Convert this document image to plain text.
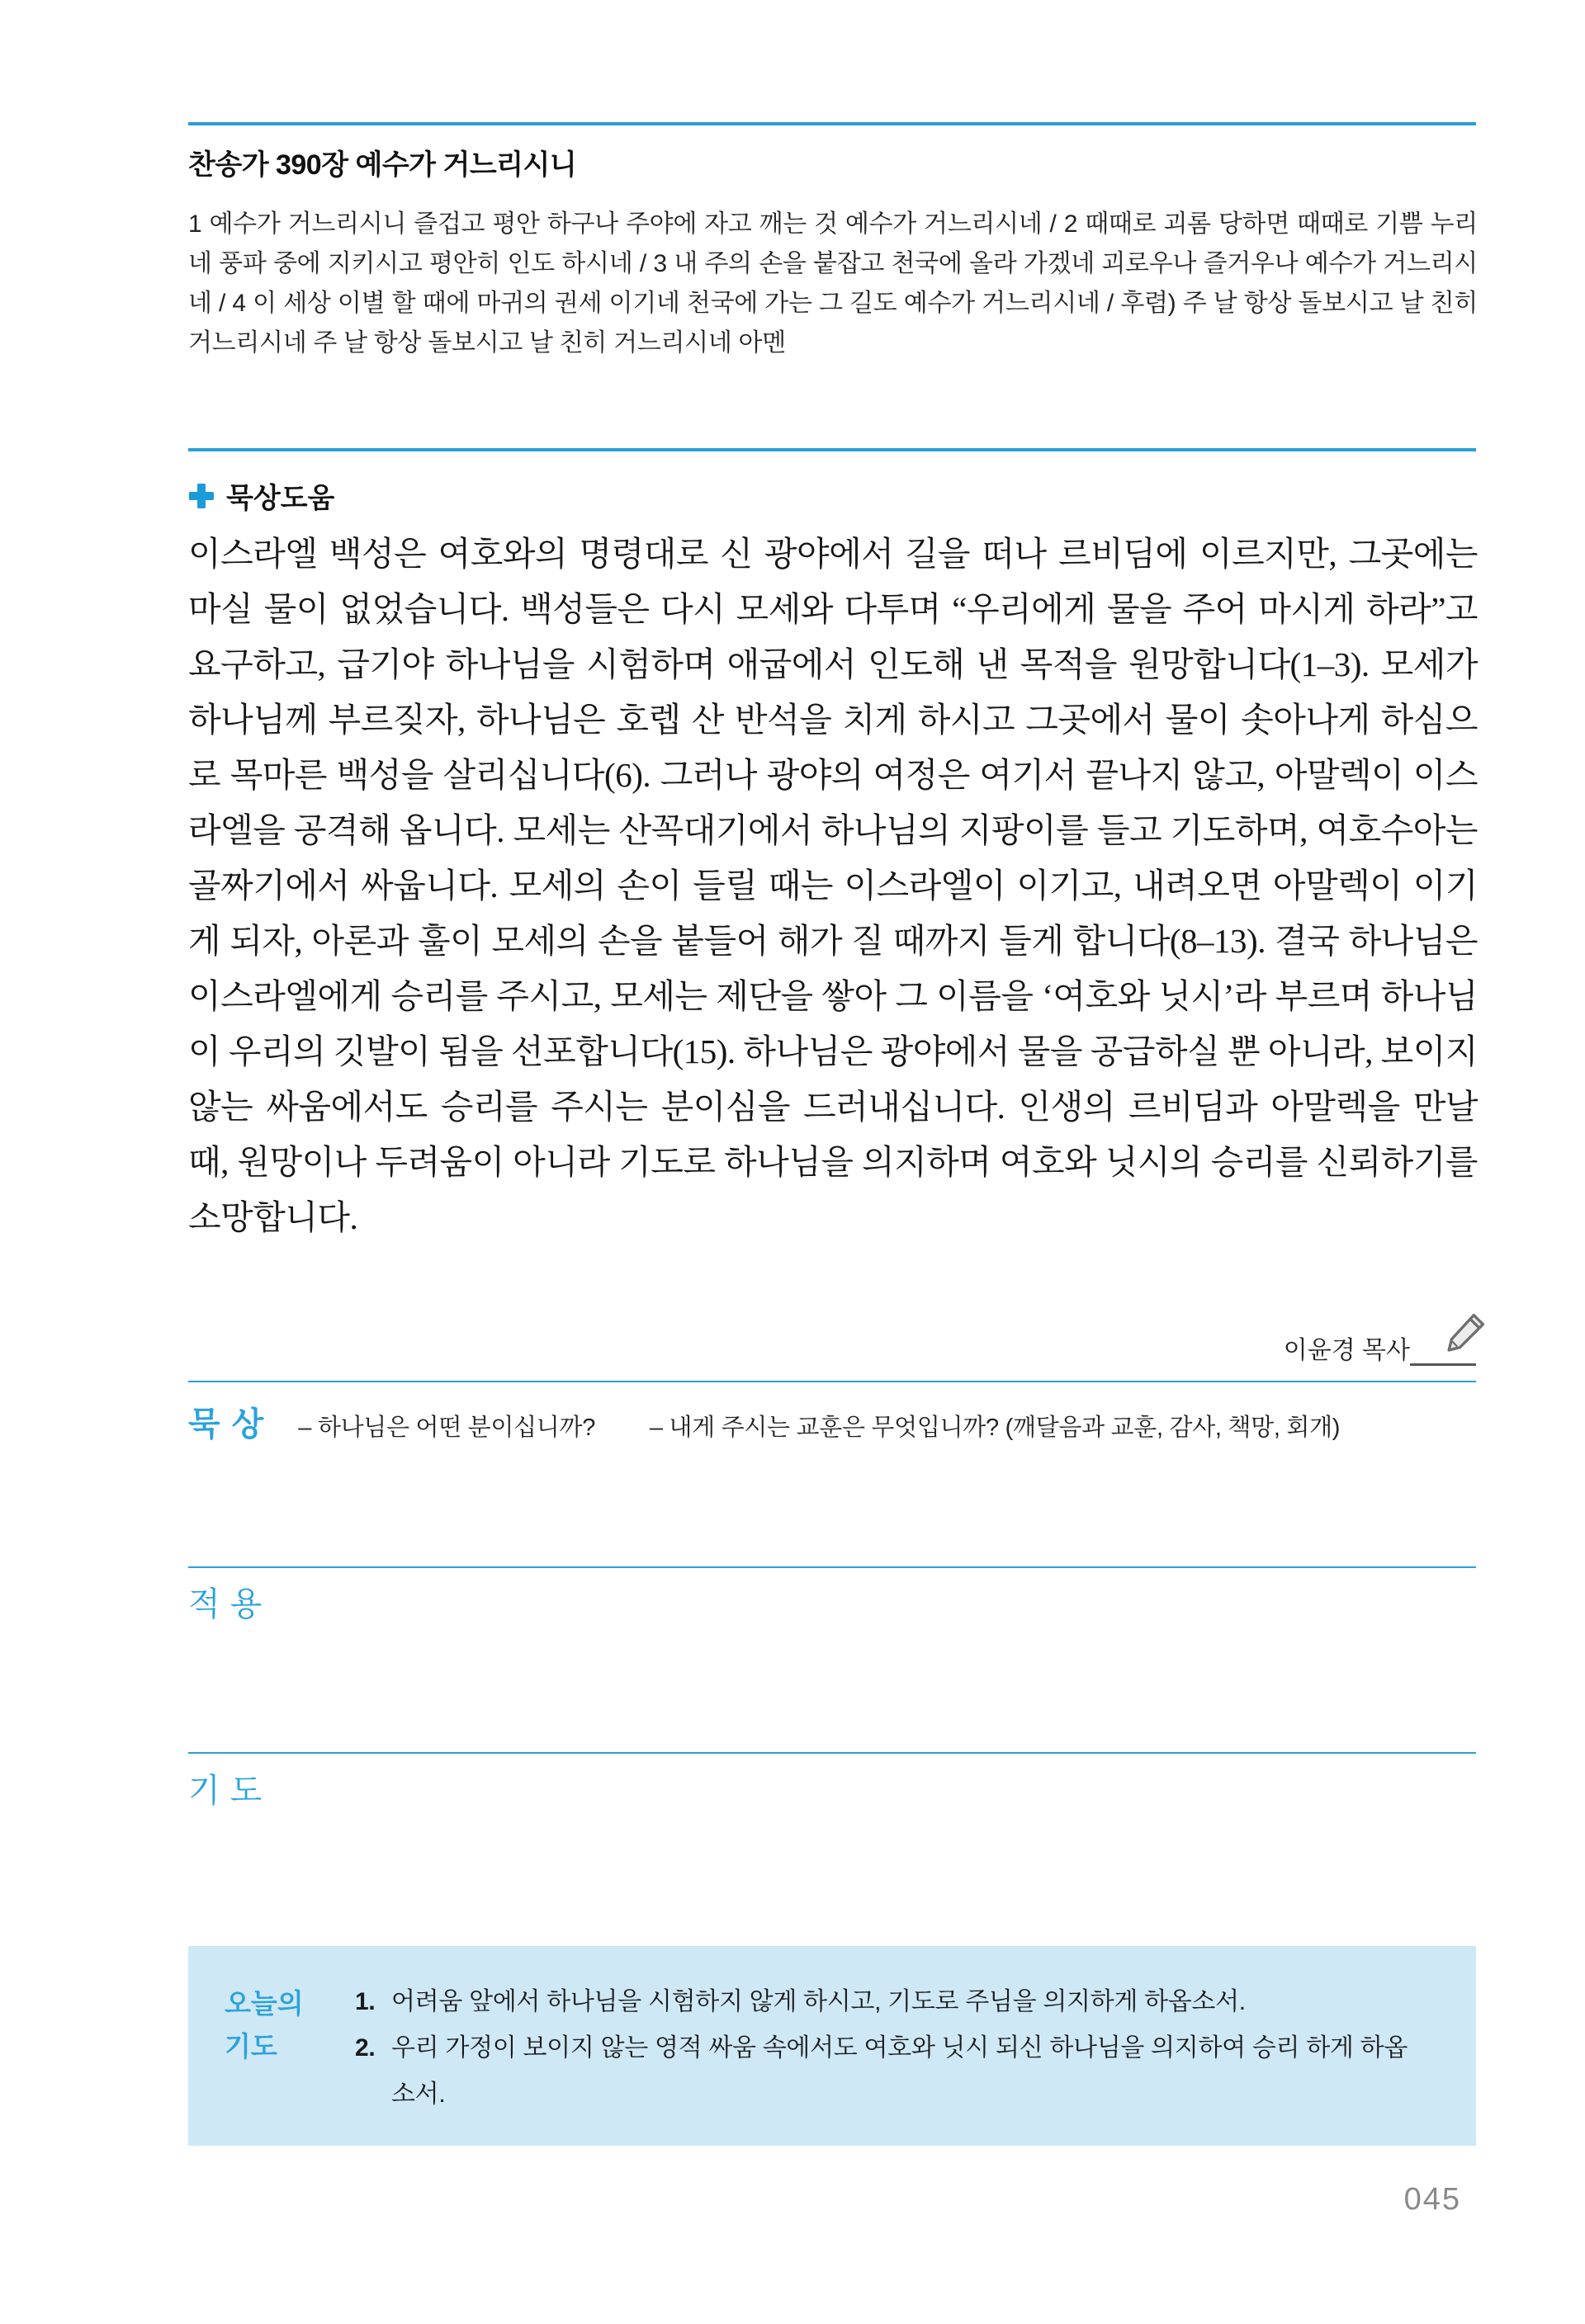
찬송가 390장 예수가 거느리시니
1 예수가 거느리시니 즐겁고 평안 하구나 주야에 자고 깨는 것 예수가 거느리시네 / 2 때때로 괴롬 당하면 때때로 기쁨 누리네 풍파 중에 지키시고 평안히 인도 하시네 / 3 내 주의 손을 붙잡고 천국에 올라 가겠네 괴로우나 즐거우나 예수가 거느리시네 / 4 이 세상 이별 할 때에 마귀의 권세 이기네 천국에 가는 그 길도 예수가 거느리시네 / 후렴) 주 날 항상 돌보시고 날 친히 거느리시네 주 날 항상 돌보시고 날 친히 거느리시네 아멘
묵상도움
이스라엘 백성은 여호와의 명령대로 신 광야에서 길을 떠나 르비딤에 이르지만, 그곳에는 마실 물이 없었습니다. 백성들은 다시 모세와 다투며 “우리에게 물을 주어 마시게 하라”고 요구하고, 급기야 하나님을 시험하며 애굽에서 인도해 낸 목적을 원망합니다(1–3). 모세가 하나님께 부르짖자, 하나님은 호렙 산 반석을 치게 하시고 그곳에서 물이 솟아나게 하심으로 목마른 백성을 살리십니다(6). 그러나 광야의 여정은 여기서 끝나지 않고, 아말렉이 이스라엘을 공격해 옵니다. 모세는 산꼭대기에서 하나님의 지팡이를 들고 기도하며, 여호수아는 골짜기에서 싸웁니다. 모세의 손이 들릴 때는 이스라엘이 이기고, 내려오면 아말렉이 이기게 되자, 아론과 훌이 모세의 손을 붙들어 해가 질 때까지 들게 합니다(8–13). 결국 하나님은 이스라엘에게 승리를 주시고, 모세는 제단을 쌓아 그 이름을 ‘여호와 닛시’라 부르며 하나님이 우리의 깃발이 됨을 선포합니다(15). 하나님은 광야에서 물을 공급하실 뿐 아니라, 보이지 않는 싸움에서도 승리를 주시는 분이심을 드러내십니다. 인생의 르비딤과 아말렉을 만날 때, 원망이나 두려움이 아니라 기도로 하나님을 의지하며 여호와 닛시의 승리를 신뢰하기를 소망합니다.
이윤경 목사
묵상 – 하나님은 어떤 분이십니까? – 내게 주시는 교훈은 무엇입니까? (깨달음과 교훈, 감사, 책망, 회개)
적용
기도
오늘의
기도
1. 어려움 앞에서 하나님을 시험하지 않게 하시고, 기도로 주님을 의지하게 하옵소서.
2. 우리 가정이 보이지 않는 영적 싸움 속에서도 여호와 닛시 되신 하나님을 의지하여 승리 하게 하옵소서.
045
